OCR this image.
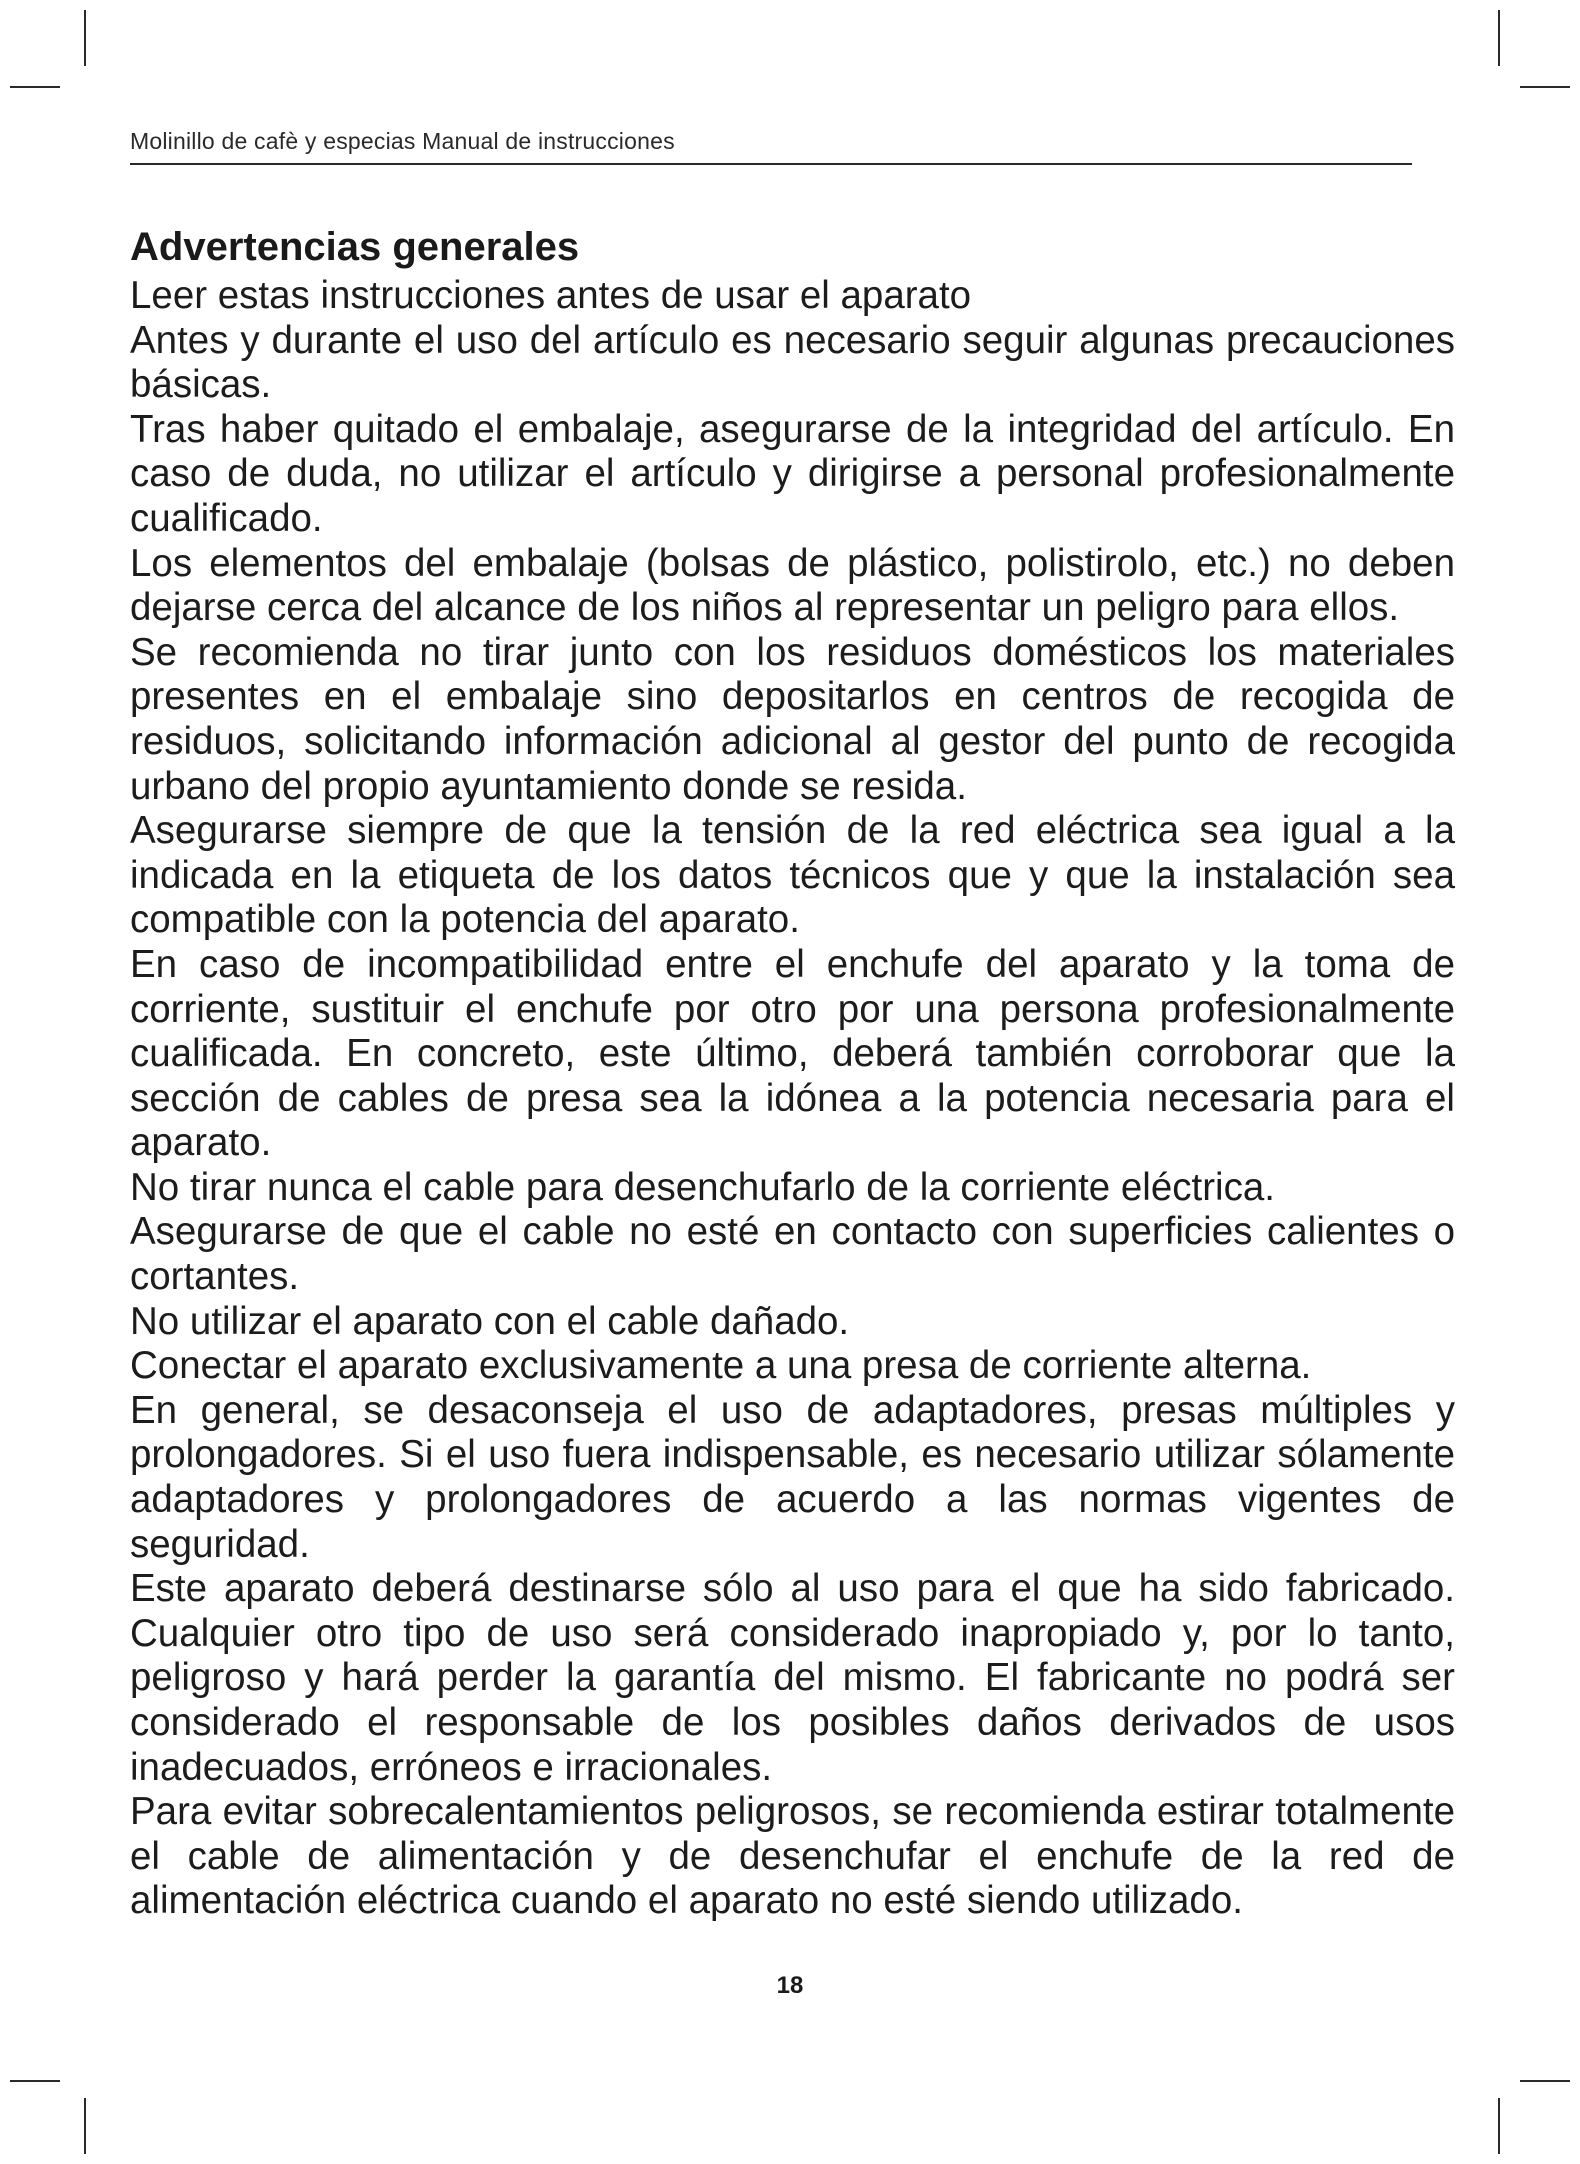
Molinillo de cafè y especias Manual de instrucciones
Advertencias generales

Leer estas instrucciones antes de usar el aparato

Antes y durante el uso del artículo es necesario seguir algunas precauciones básicas.

Tras haber quitado el embalaje, asegurarse de la integridad del artículo. En caso de duda, no utilizar el artículo y dirigirse a personal profesionalmente cualificado.

Los elementos del embalaje (bolsas de plástico, polistirolo, etc.) no deben dejarse cerca del alcance de los niños al representar un peligro para ellos.

Se recomienda no tirar junto con los residuos domésticos los materiales presentes en el embalaje sino depositarlos en centros de recogida de residuos, solicitando información adicional al gestor del punto de recogida urbano del propio ayuntamiento donde se resida.

Asegurarse siempre de que la tensión de la red eléctrica sea igual a la indicada en la etiqueta de los datos técnicos que y que la instalación sea compatible con la potencia del aparato.

En caso de incompatibilidad entre el enchufe del aparato y la toma de corriente, sustituir el enchufe por otro por una persona profesionalmente cualificada. En concreto, este último, deberá también corroborar que la sección de cables de presa sea la idónea a la potencia necesaria para el aparato.

No tirar nunca el cable para desenchufarlo de la corriente eléctrica.

Asegurarse de que el cable no esté en contacto con superficies calientes o cortantes.

No utilizar el aparato con el cable dañado.

Conectar el aparato exclusivamente a una presa de corriente alterna.

En general, se desaconseja el uso de adaptadores, presas múltiples y prolongadores. Si el uso fuera indispensable, es necesario utilizar sólamente adaptadores y prolongadores de acuerdo a las normas vigentes de seguridad.

Este aparato deberá destinarse sólo al uso para el que ha sido fabricado. Cualquier otro tipo de uso será considerado inapropiado y, por lo tanto, peligroso y hará perder la garantía del mismo. El fabricante no podrá ser considerado el responsable de los posibles daños derivados de usos inadecuados, erróneos e irracionales.

Para evitar sobrecalentamientos peligrosos, se recomienda estirar totalmente el cable de alimentación y de desenchufar el enchufe de la red de alimentación eléctrica cuando el aparato no esté siendo utilizado.

18
